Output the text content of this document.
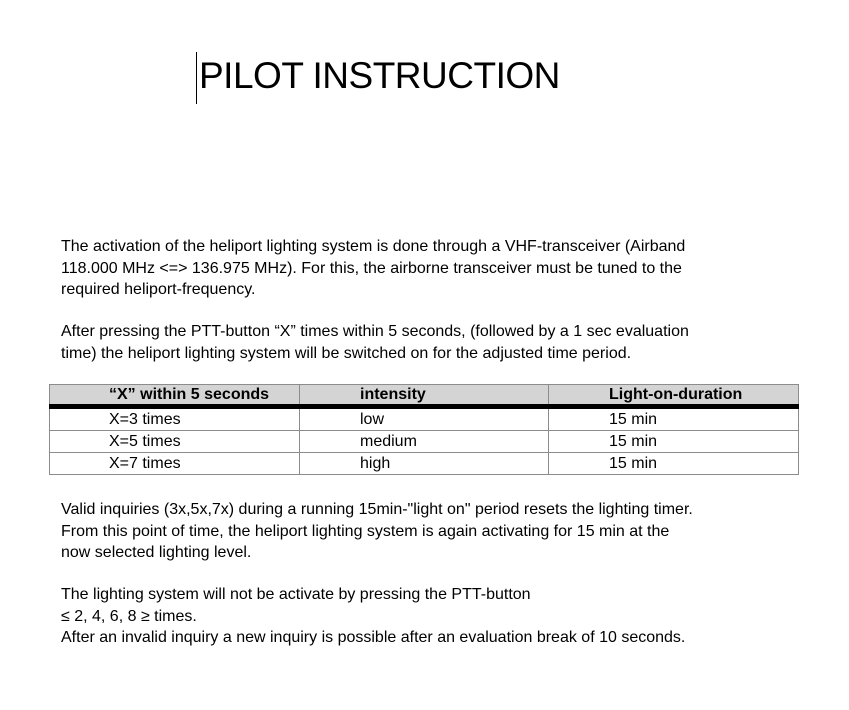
PILOT INSTRUCTION
The activation of the heliport lighting system is done through a VHF-transceiver (Airband
118.000 MHz <=> 136.975 MHz). For this, the airborne transceiver must be tuned to the
required heliport-frequency.
After pressing the PTT-button “X” times within 5 seconds, (followed by a 1 sec evaluation
time) the heliport lighting system will be switched on for the adjusted time period.
“X” within 5 seconds	intensity	Light-on-duration

X=3 times	low	15 min

X=5 times	medium	15 min

X=7 times	high	15 min
Valid inquiries (3x,5x,7x) during a running 15min-"light on" period resets the lighting timer.
From this point of time, the heliport lighting system is again activating for 15 min at the
now selected lighting level.
The lighting system will not be activate by pressing the PTT-button
≤ 2, 4, 6, 8 ≥ times.
After an invalid inquiry a new inquiry is possible after an evaluation break of 10 seconds.
